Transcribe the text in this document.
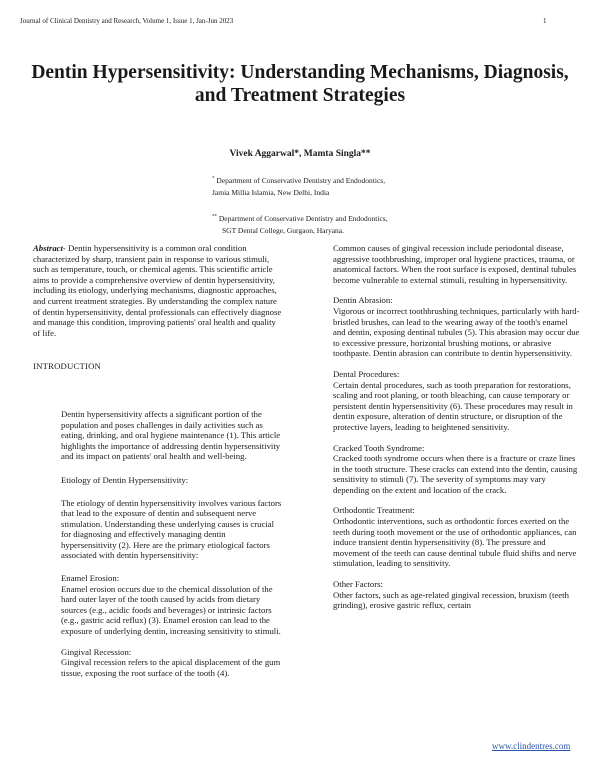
Journal of Clinical Dentistry and Research, Volume 1, Issue 1, Jan-Jun 2023	1
Dentin Hypersensitivity: Understanding Mechanisms, Diagnosis, and Treatment Strategies
Vivek Aggarwal*, Mamta Singla**
* Department of Conservative Dentistry and Endodontics,
Jamia Millia Islamia, New Delhi, India
** Department of Conservative Dentistry and Endodontics,
SGT Dental College, Gurgaon, Haryana.

Abstract- Dentin hypersensitivity is a common oral condition characterized by sharp, transient pain in response to various stimuli, such as temperature, touch, or chemical agents. This scientific article aims to provide a comprehensive overview of dentin hypersensitivity, including its etiology, underlying mechanisms, diagnostic approaches, and current treatment strategies. By understanding the complex nature of dentin hypersensitivity, dental professionals can effectively diagnose and manage this condition, improving patients' oral health and quality of life.

INTRODUCTION

Dentin hypersensitivity affects a significant portion of the population and poses challenges in daily activities such as eating, drinking, and oral hygiene maintenance (1). This article highlights the importance of addressing dentin hypersensitivity and its impact on patients' oral health and well-being.

Etiology of Dentin Hypersensitivity:

The etiology of dentin hypersensitivity involves various factors that lead to the exposure of dentin and subsequent nerve stimulation. Understanding these underlying causes is crucial for diagnosing and effectively managing dentin hypersensitivity (2). Here are the primary etiological factors associated with dentin hypersensitivity:

Enamel Erosion:

Enamel erosion occurs due to the chemical dissolution of the hard outer layer of the tooth caused by acids from dietary sources (e.g., acidic foods and beverages) or intrinsic factors (e.g., gastric acid reflux) (3). Enamel erosion can lead to the exposure of underlying dentin, increasing sensitivity to stimuli.

Gingival Recession:

Gingival recession refers to the apical displacement of the gum tissue, exposing the root surface of the tooth (4).

Common causes of gingival recession include periodontal disease, aggressive toothbrushing, improper oral hygiene practices, trauma, or anatomical factors. When the root surface is exposed, dentinal tubules become vulnerable to external stimuli, resulting in hypersensitivity.

Dentin Abrasion:

Vigorous or incorrect toothbrushing techniques, particularly with hard-bristled brushes, can lead to the wearing away of the tooth's enamel and dentin, exposing dentinal tubules (5). This abrasion may occur due to excessive pressure, horizontal brushing motions, or abrasive toothpaste. Dentin abrasion can contribute to dentin hypersensitivity.

Dental Procedures:

Certain dental procedures, such as tooth preparation for restorations, scaling and root planing, or tooth bleaching, can cause temporary or persistent dentin hypersensitivity (6). These procedures may result in dentin exposure, alteration of dentin structure, or disruption of the protective layers, leading to heightened sensitivity.

Cracked Tooth Syndrome:

Cracked tooth syndrome occurs when there is a fracture or craze lines in the tooth structure. These cracks can extend into the dentin, causing sensitivity to stimuli (7). The severity of symptoms may vary depending on the extent and location of the crack.

Orthodontic Treatment:

Orthodontic interventions, such as orthodontic forces exerted on the teeth during tooth movement or the use of orthodontic appliances, can induce transient dentin hypersensitivity (8). The pressure and movement of the teeth can cause dentinal tubule fluid shifts and nerve stimulation, leading to sensitivity.

Other Factors:

Other factors, such as age-related gingival recession, bruxism (teeth grinding), erosive gastric reflux, certain

www.clindentres.com
